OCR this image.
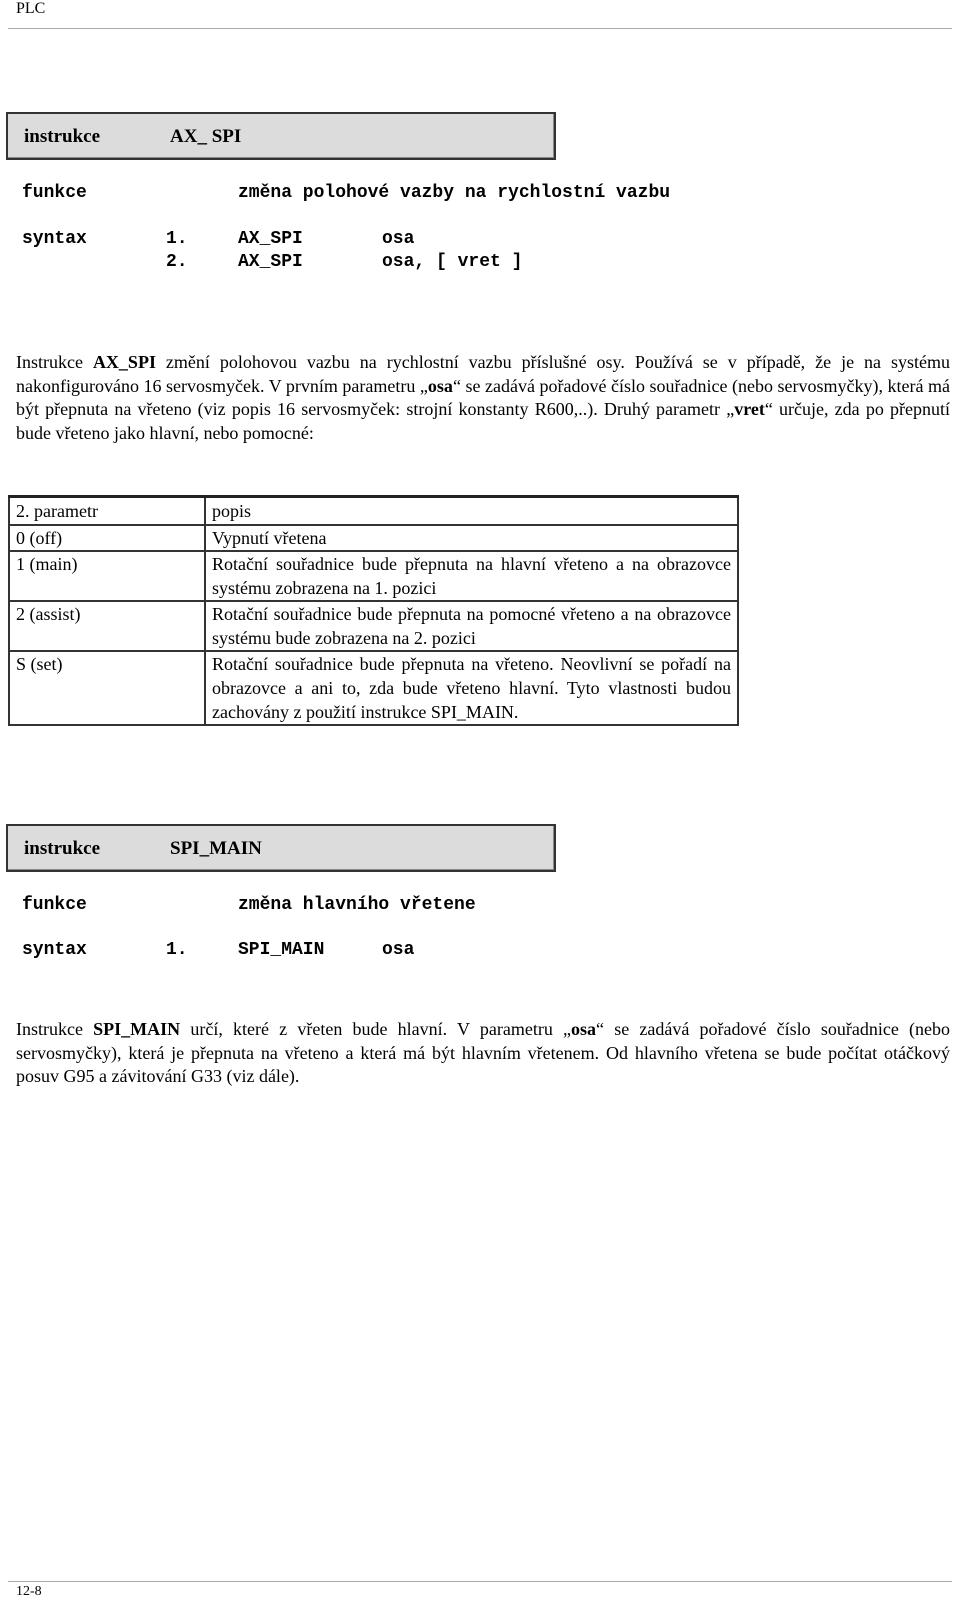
PLC
instrukce	AX_ SPI
funkce	změna polohové vazby na rychlostní vazbu
syntax	1.	AX_SPI	osa
2.	AX_SPI	osa, [ vret ]
Instrukce AX_SPI změní polohovou vazbu na rychlostní vazbu příslušné osy. Používá se v případě, že je na systému nakonfigurováno 16 servosmyček. V prvním parametru „osa“ se zadává pořadové číslo souřadnice (nebo servosmyčky), která má být přepnuta na vřeteno (viz popis 16 servosmyček: strojní konstanty R600,..). Druhý parametr „vret“ určuje, zda po přepnutí bude vřeteno jako hlavní, nebo pomocné:
2. parametr	popis
0 (off)	Vypnutí vřetena
1 (main)	Rotační souřadnice bude přepnuta na hlavní vřeteno a na obrazovce systému zobrazena na 1. pozici
2 (assist)	Rotační souřadnice bude přepnuta na pomocné vřeteno a na obrazovce systému bude zobrazena na 2. pozici
S (set)	Rotační souřadnice bude přepnuta na vřeteno. Neovlivní se pořadí na obrazovce a ani to, zda bude vřeteno hlavní. Tyto vlastnosti budou zachovány z použití instrukce SPI_MAIN.
instrukce	SPI_MAIN
funkce	změna hlavního vřetene
syntax	1.	SPI_MAIN	osa
Instrukce SPI_MAIN určí, které z vřeten bude hlavní. V parametru „osa“ se zadává pořadové číslo souřadnice (nebo servosmyčky), která je přepnuta na vřeteno a která má být hlavním vřetenem. Od hlavního vřetena se bude počítat otáčkový posuv G95 a závitování G33 (viz dále).
12-8
